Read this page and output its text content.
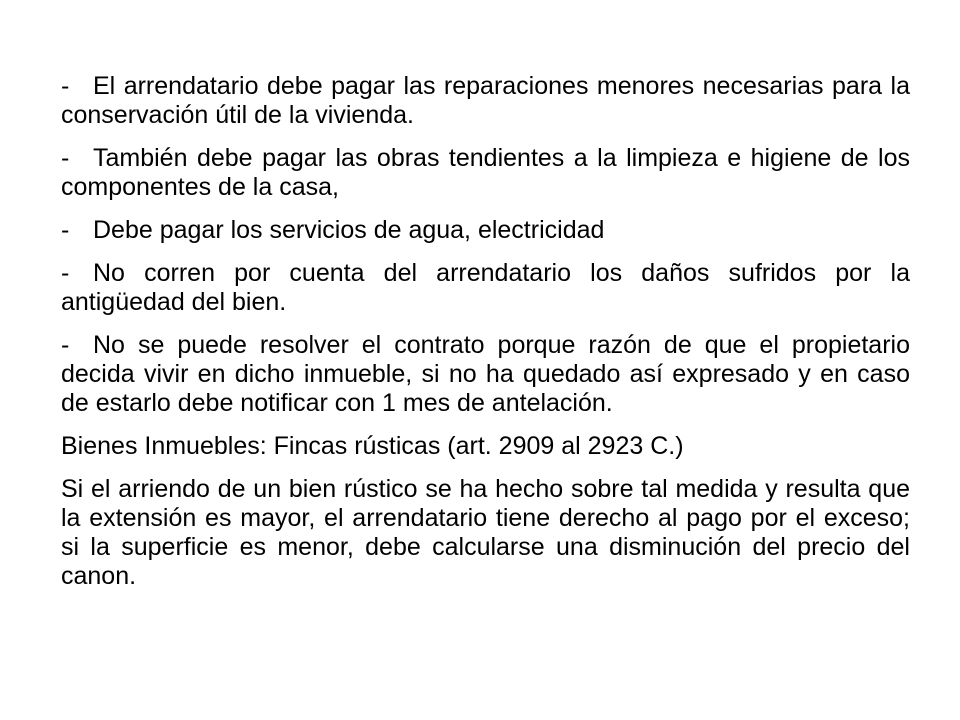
- El arrendatario debe pagar las reparaciones menores necesarias para la conservación útil de la vivienda.

- También debe pagar las obras tendientes a la limpieza e higiene de los componentes de la casa,

- Debe pagar los servicios de agua, electricidad

- No corren por cuenta del arrendatario los daños sufridos por la antigüedad del bien.

- No se puede resolver el contrato porque razón de que el propietario decida vivir en dicho inmueble, si no ha quedado así expresado y en caso de estarlo debe notificar con 1 mes de antelación.

Bienes Inmuebles: Fincas rústicas (art. 2909 al 2923 C.)

Si el arriendo de un bien rústico se ha hecho sobre tal medida y resulta que la extensión es mayor, el arrendatario tiene derecho al pago por el exceso; si la superficie es menor, debe calcularse una disminución del precio del canon.
